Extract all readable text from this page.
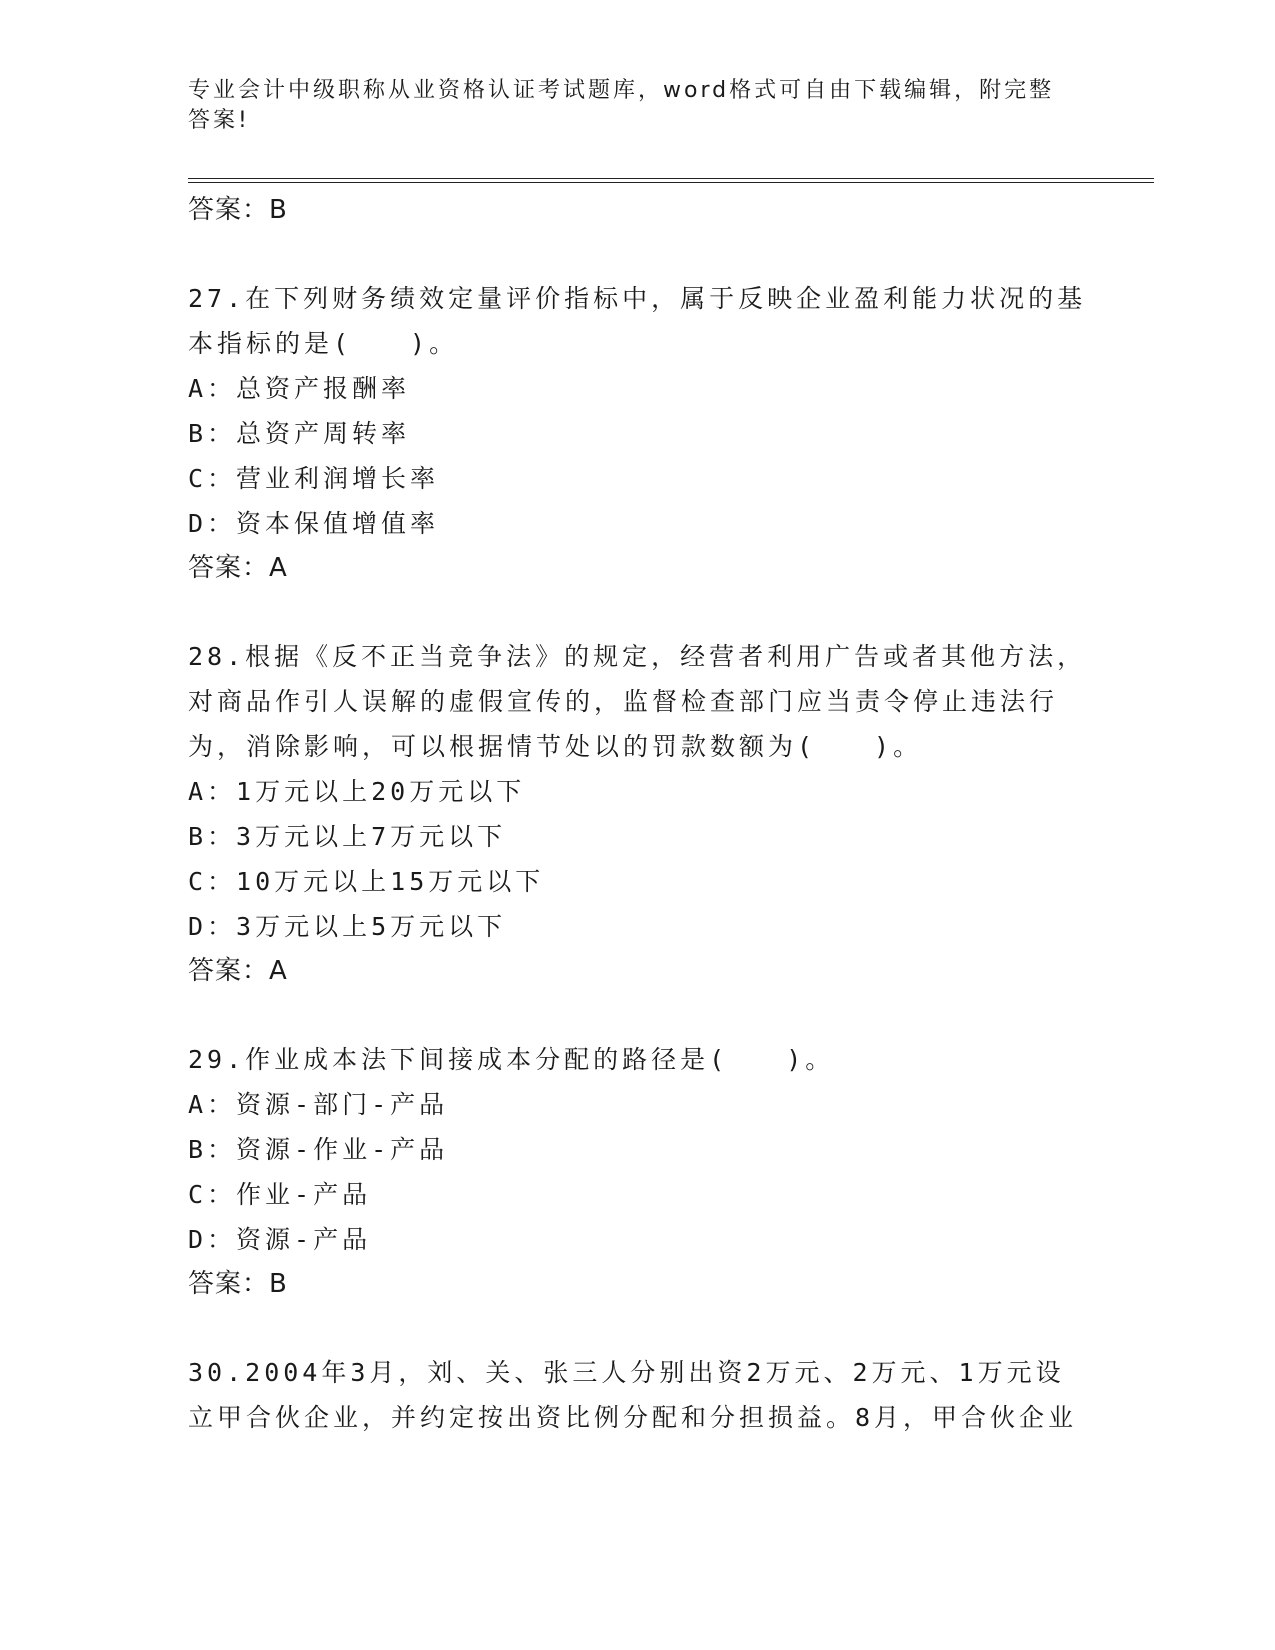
专业会计中级职称从业资格认证考试题库，word格式可自由下载编辑，附完整答案!
答案：B
27.在下列财务绩效定量评价指标中，属于反映企业盈利能力状况的基本指标的是(　　)。
A：总资产报酬率
B：总资产周转率
C：营业利润增长率
D：资本保值增值率
答案：A
28.根据《反不正当竞争法》的规定，经营者利用广告或者其他方法，对商品作引人误解的虚假宣传的，监督检查部门应当责令停止违法行为，消除影响，可以根据情节处以的罚款数额为(　　)。
A：1万元以上20万元以下
B：3万元以上7万元以下
C：10万元以上15万元以下
D：3万元以上5万元以下
答案：A
29.作业成本法下间接成本分配的路径是(　　)。
A：资源-部门-产品
B：资源-作业-产品
C：作业-产品
D：资源-产品
答案：B
30.2004年3月，刘、关、张三人分别出资2万元、2万元、1万元设立甲合伙企业，并约定按出资比例分配和分担损益。8月，甲合伙企业
